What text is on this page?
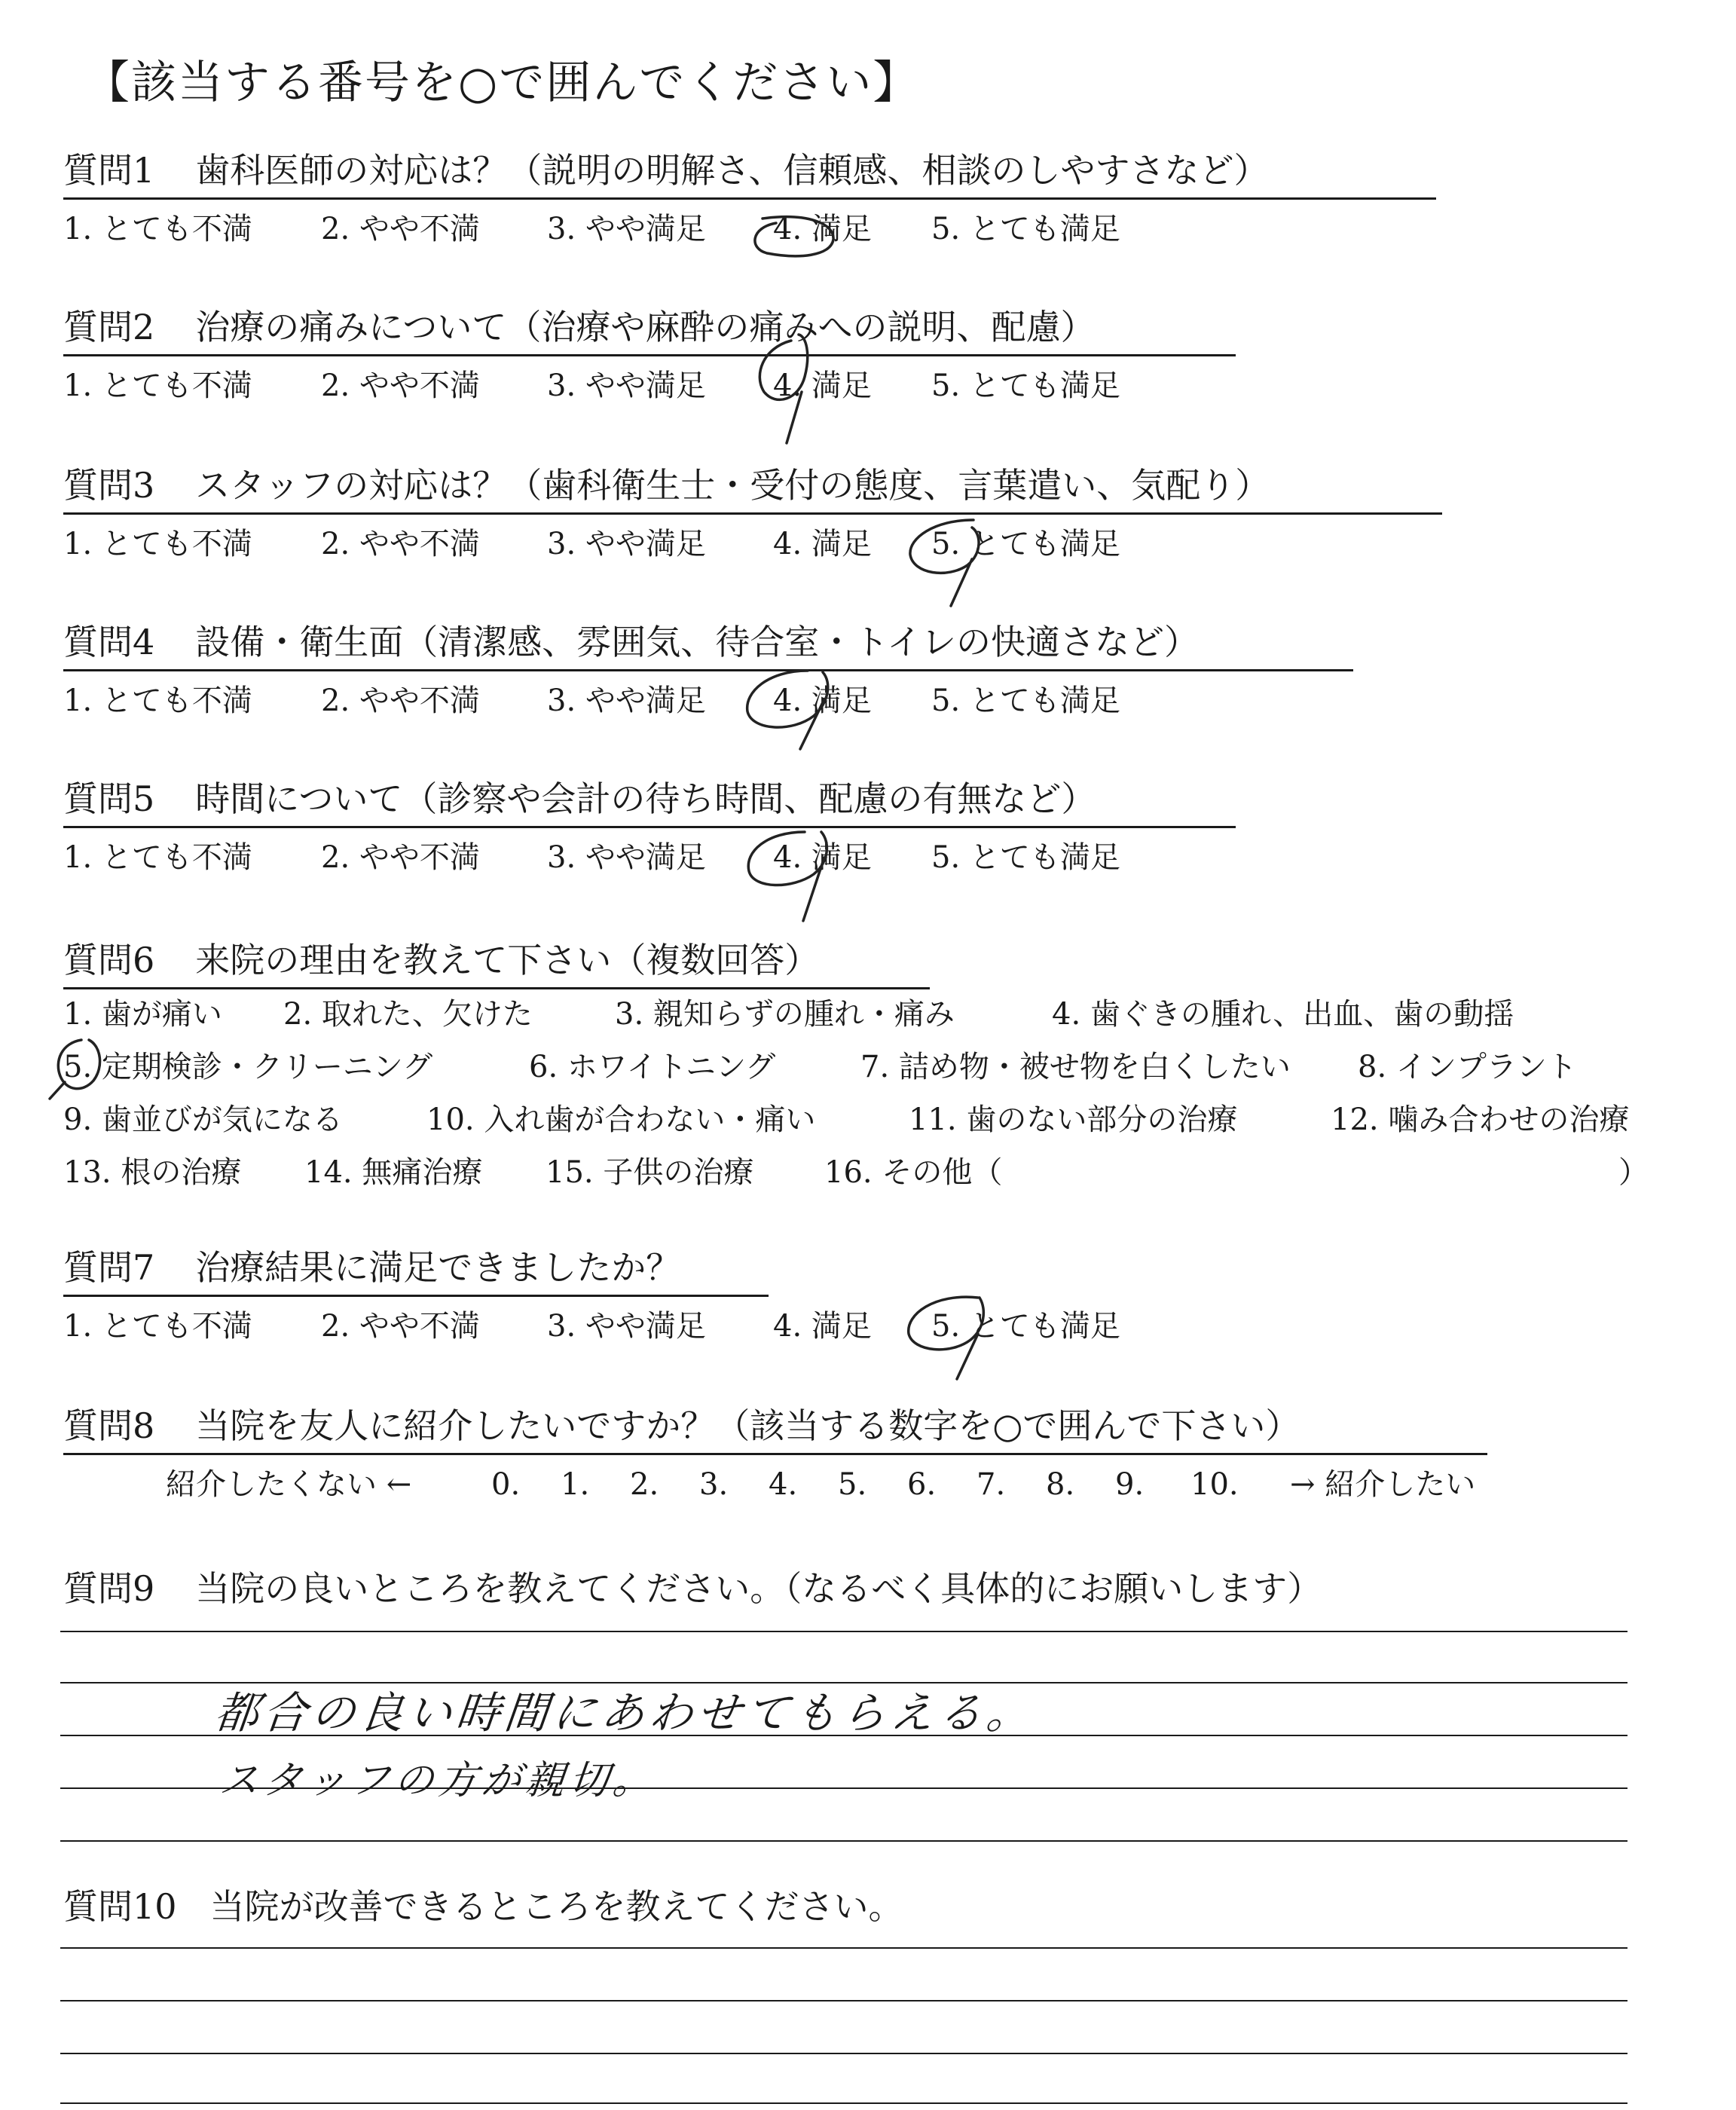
【該当する番号を○で囲んでください】
質問1 歯科医師の対応は？（説明の明解さ、信頼感、相談のしやすさなど）
1. とても不満 2. やや不満 3. やや満足 4. 満足 5. とても満足
質問2 治療の痛みについて（治療や麻酔の痛みへの説明、配慮）
1. とても不満 2. やや不満 3. やや満足 4. 満足 5. とても満足
質問3 スタッフの対応は？（歯科衛生士・受付の態度、言葉遣い、気配り）
1. とても不満 2. やや不満 3. やや満足 4. 満足 5. とても満足
質問4 設備・衛生面（清潔感、雰囲気、待合室・トイレの快適さなど）
1. とても不満 2. やや不満 3. やや満足 4. 満足 5. とても満足
質問5 時間について（診察や会計の待ち時間、配慮の有無など）
1. とても不満 2. やや不満 3. やや満足 4. 満足 5. とても満足
質問6 来院の理由を教えて下さい（複数回答）
1. 歯が痛い 2. 取れた、欠けた	3. 親知らずの腫れ・痛み	4. 歯ぐきの腫れ、出血、歯の動揺
5. 定期検診・クリーニング	6. ホワイトニング	7. 詰め物・被せ物を白くしたい 8. インプラント
9. 歯並びが気になる	10. 入れ歯が合わない・痛い	11. 歯のない部分の治療	12. 噛み合わせの治療
13. 根の治療 14. 無痛治療 15. 子供の治療 16. その他（	）
質問7 治療結果に満足できましたか？
1. とても不満 2. やや不満 3. やや満足 4. 満足 5. とても満足
質問8 当院を友人に紹介したいですか？（該当する数字を○で囲んで下さい）
紹介したくない ←	0. 1. 2. 3. 4. 5. 6. 7. 8. 9. 10. → 紹介したい
質問9 当院の良いところを教えてください。（なるべく具体的にお願いします）
都合の良い時間にあわせてもらえる。
スタッフの方が親切。
質問10 当院が改善できるところを教えてください。
